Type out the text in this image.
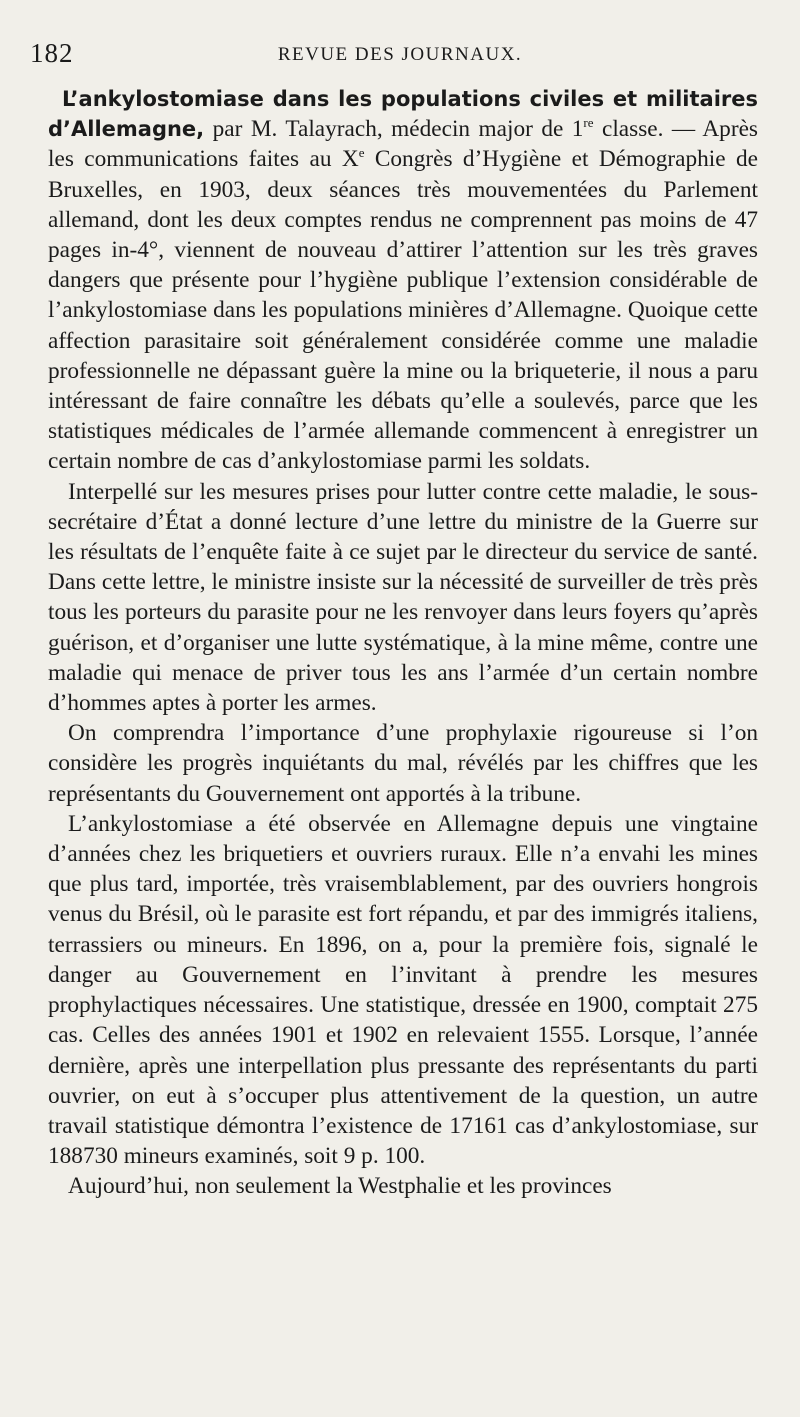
182	REVUE DES JOURNAUX.

L’ankylostomiase dans les populations civiles et militaires d’Allemagne, par M. Talayrach, médecin major de 1re classe. — Après les communications faites au Xe Congrès d’Hygiène et Démographie de Bruxelles, en 1903, deux séances très mouvementées du Parlement allemand, dont les deux comptes rendus ne comprennent pas moins de 47 pages in-4°, viennent de nouveau d’attirer l’attention sur les très graves dangers que présente pour l’hygiène publique l’extension considérable de l’ankylostomiase dans les populations minières d’Allemagne. Quoique cette affection parasitaire soit généralement considérée comme une maladie professionnelle ne dépassant guère la mine ou la briqueterie, il nous a paru intéressant de faire connaître les débats qu’elle a soulevés, parce que les statistiques médicales de l’armée allemande commencent à enregistrer un certain nombre de cas d’ankylostomiase parmi les soldats.

Interpellé sur les mesures prises pour lutter contre cette maladie, le sous-secrétaire d’État a donné lecture d’une lettre du ministre de la Guerre sur les résultats de l’enquête faite à ce sujet par le directeur du service de santé. Dans cette lettre, le ministre insiste sur la nécessité de surveiller de très près tous les porteurs du parasite pour ne les renvoyer dans leurs foyers qu’après guérison, et d’organiser une lutte systématique, à la mine même, contre une maladie qui menace de priver tous les ans l’armée d’un certain nombre d’hommes aptes à porter les armes.

On comprendra l’importance d’une prophylaxie rigoureuse si l’on considère les progrès inquiétants du mal, révélés par les chiffres que les représentants du Gouvernement ont apportés à la tribune.

L’ankylostomiase a été observée en Allemagne depuis une vingtaine d’années chez les briquetiers et ouvriers ruraux. Elle n’a envahi les mines que plus tard, importée, très vraisemblablement, par des ouvriers hongrois venus du Brésil, où le parasite est fort répandu, et par des immigrés italiens, terrassiers ou mineurs. En 1896, on a, pour la première fois, signalé le danger au Gouvernement en l’invitant à prendre les mesures prophylactiques nécessaires. Une statistique, dressée en 1900, comptait 275 cas. Celles des années 1901 et 1902 en relevaient 1555. Lorsque, l’année dernière, après une interpellation plus pressante des représentants du parti ouvrier, on eut à s’occuper plus attentivement de la question, un autre travail statistique démontra l’existence de 17161 cas d’ankylostomiase, sur 188730 mineurs examinés, soit 9 p. 100.

Aujourd’hui, non seulement la Westphalie et les provinces
